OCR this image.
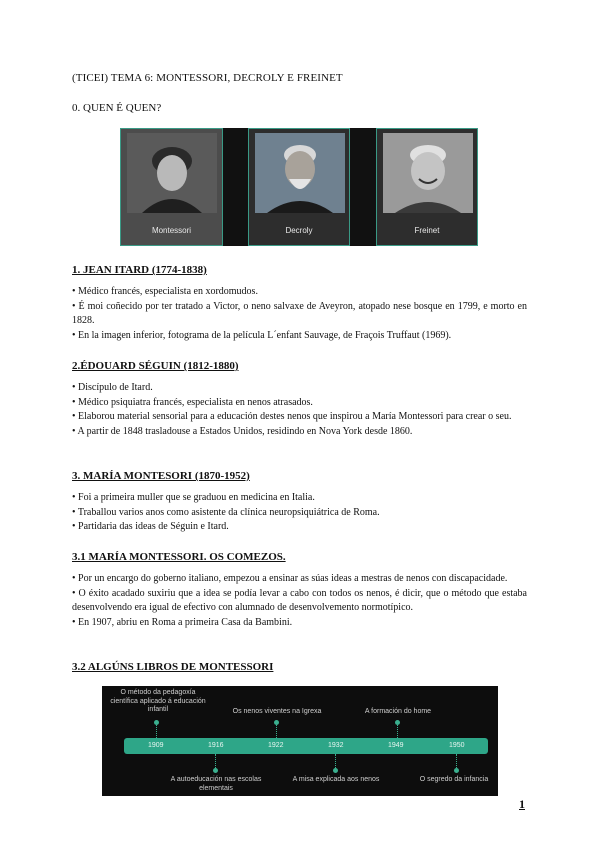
(TICEI) TEMA 6: MONTESSORI, DECROLY E FREINET
0. QUEN É QUEN?
Montessori	Decroly	Freinet
1. JEAN ITARD (1774-1838)

• Médico francés, especialista en xordomudos.

• É moi coñecido por ter tratado a Victor, o neno salvaxe de Aveyron, atopado nese bosque en 1799, e morto en 1828.

• En la imagen inferior, fotograma de la película L´enfant Sauvage, de Fraçois Truffaut (1969).

2.ÉDOUARD SÉGUIN (1812-1880)

• Discípulo de Itard.

• Médico psiquiatra francés, especialista en nenos atrasados.

• Elaborou material sensorial para a educación destes nenos que inspirou a María Montessori para crear o seu.

• A partir de 1848 trasladouse a Estados Unidos, residindo en Nova York desde 1860.

3. MARÍA MONTESORI (1870-1952)

• Foi a primeira muller que se graduou en medicina en Italia.

• Traballou varios anos como asistente da clínica neuropsiquiátrica de Roma.

• Partidaria das ideas de Séguin e Itard.

3.1 MARÍA MONTESSORI. OS COMEZOS.

• Por un encargo do goberno italiano, empezou a ensinar as súas ideas a mestras de nenos con discapacidade.

• O éxito acadado suxiriu que a idea se podía levar a cabo con todos os nenos, é dicir, que o método que estaba desenvolvendo era igual de efectivo con alumnado de desenvolvemento normotípico.

• En 1907, abriu en Roma a primeira Casa da Bambini.

3.2 ALGÚNS LIBROS DE MONTESSORI
1909	1916	1922	1932	1949	1950
O método da pedagoxía científica aplicado á educación infantil	Os nenos viventes na Igrexa	A formación do home
A autoeducación nas escolas elementais
A misa explicada aos nenos	O segredo da infancia
1
